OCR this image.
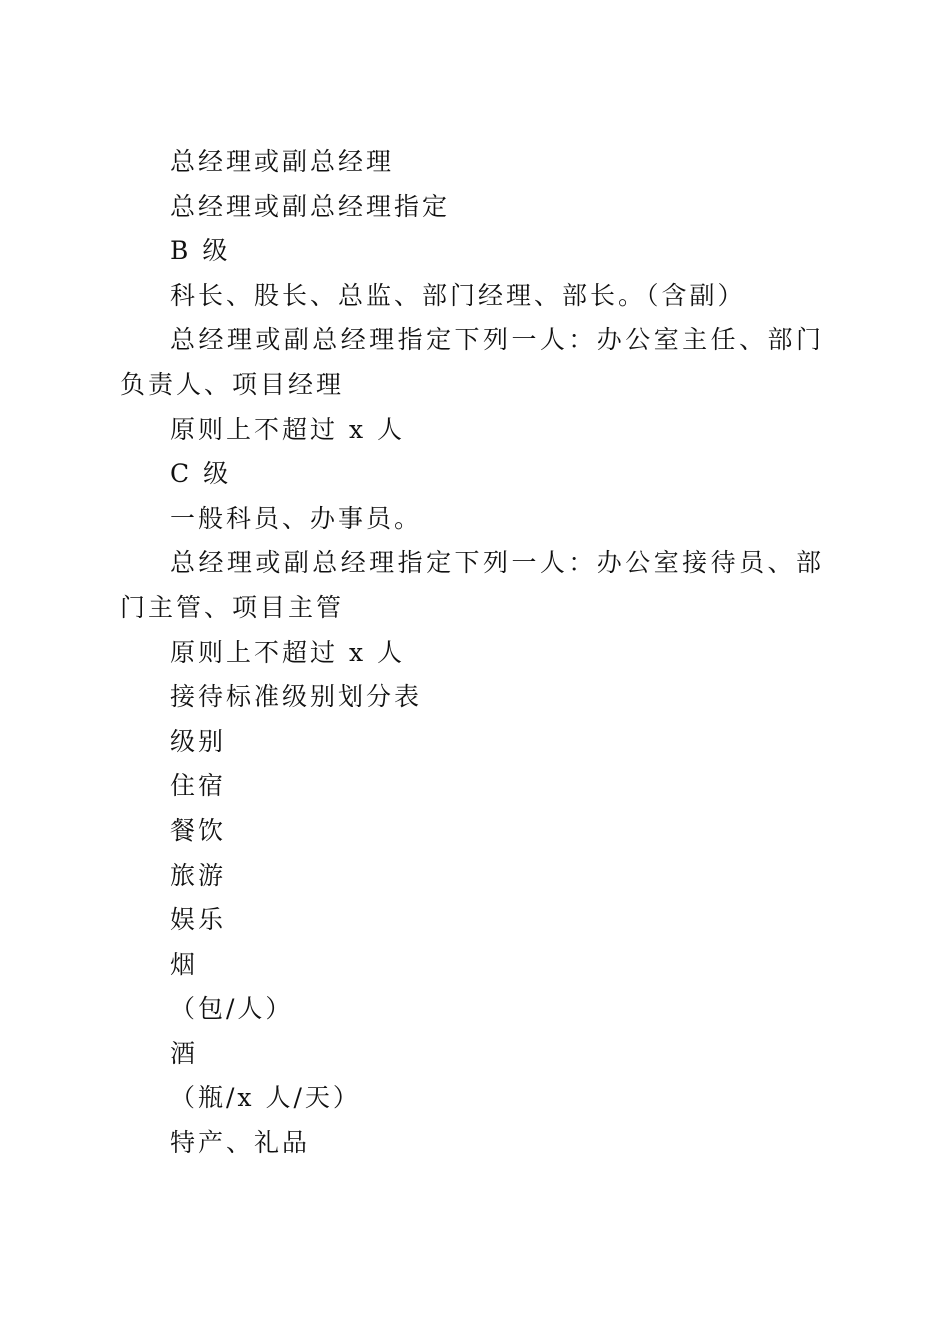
总经理或副总经理

总经理或副总经理指定

B 级

科长、股长、总监、部门经理、部长。（含副）

总经理或副总经理指定下列一人：办公室主任、部门负责人、项目经理

原则上不超过 x 人

C 级

一般科员、办事员。

总经理或副总经理指定下列一人：办公室接待员、部门主管、项目主管

原则上不超过 x 人

接待标准级别划分表

级别

住宿

餐饮

旅游

娱乐

烟

（包/人）

酒

（瓶/x 人/天）

特产、礼品
